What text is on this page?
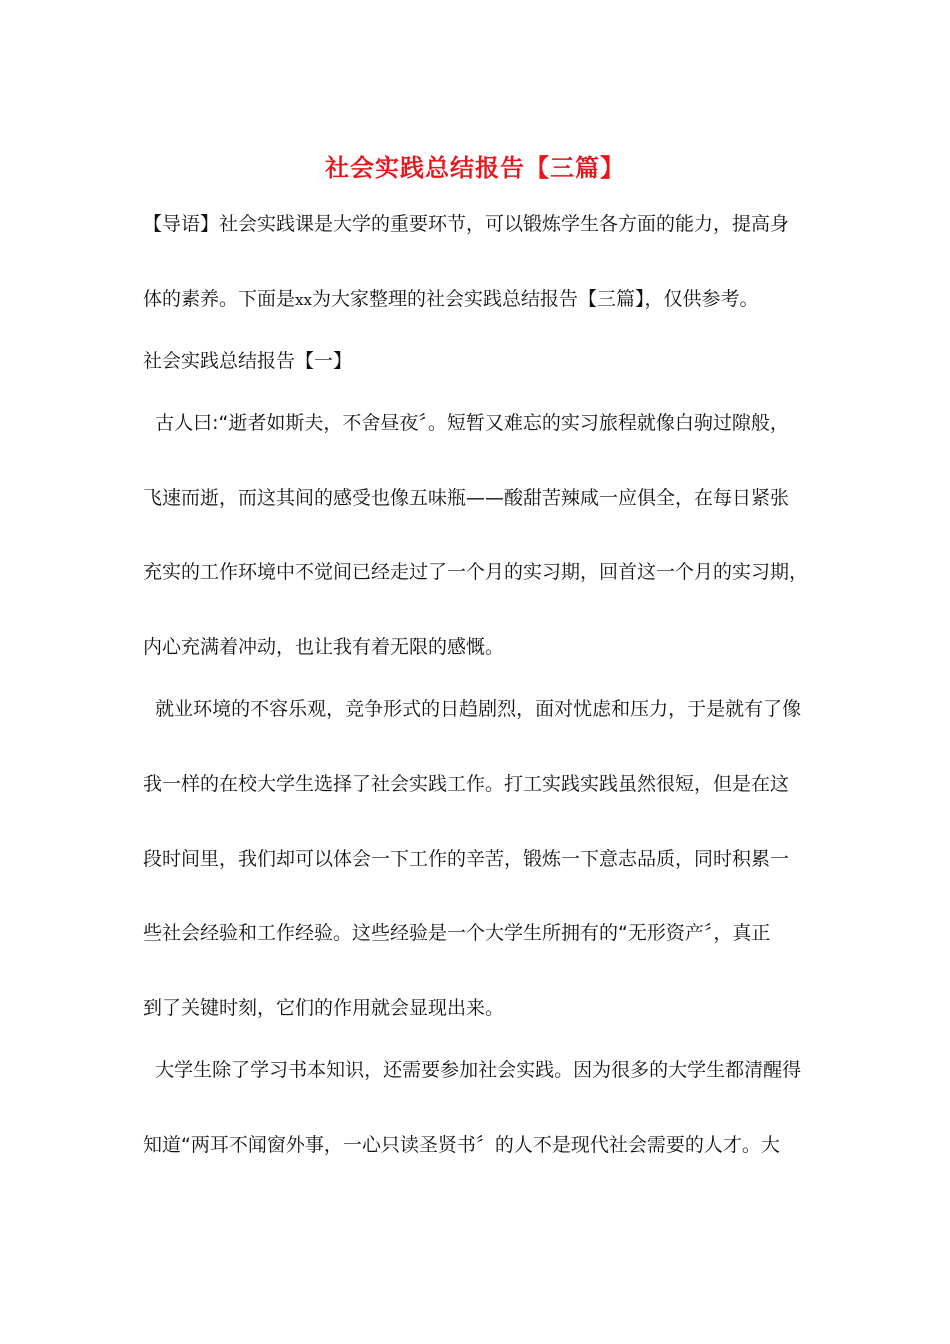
社会实践总结报告【三篇】
【导语】社会实践课是大学的重要环节，可以锻炼学生各方面的能力，提高身
体的素养。下面是xx为大家整理的社会实践总结报告【三篇】，仅供参考。
社会实践总结报告【一】
古人曰:“逝者如斯夫，不舍昼夜〞。短暂又难忘的实习旅程就像白驹过隙般，
飞速而逝，而这其间的感受也像五味瓶——酸甜苦辣咸一应俱全，在每日紧张
充实的工作环境中不觉间已经走过了一个月的实习期，回首这一个月的实习期，
内心充满着冲动，也让我有着无限的感慨。
就业环境的不容乐观，竞争形式的日趋剧烈，面对忧虑和压力，于是就有了像
我一样的在校大学生选择了社会实践工作。打工实践实践虽然很短，但是在这
段时间里，我们却可以体会一下工作的辛苦，锻炼一下意志品质，同时积累一
些社会经验和工作经验。这些经验是一个大学生所拥有的“无形资产〞，真正
到了关键时刻，它们的作用就会显现出来。
大学生除了学习书本知识，还需要参加社会实践。因为很多的大学生都清醒得
知道“两耳不闻窗外事，一心只读圣贤书〞的人不是现代社会需要的人才。大
